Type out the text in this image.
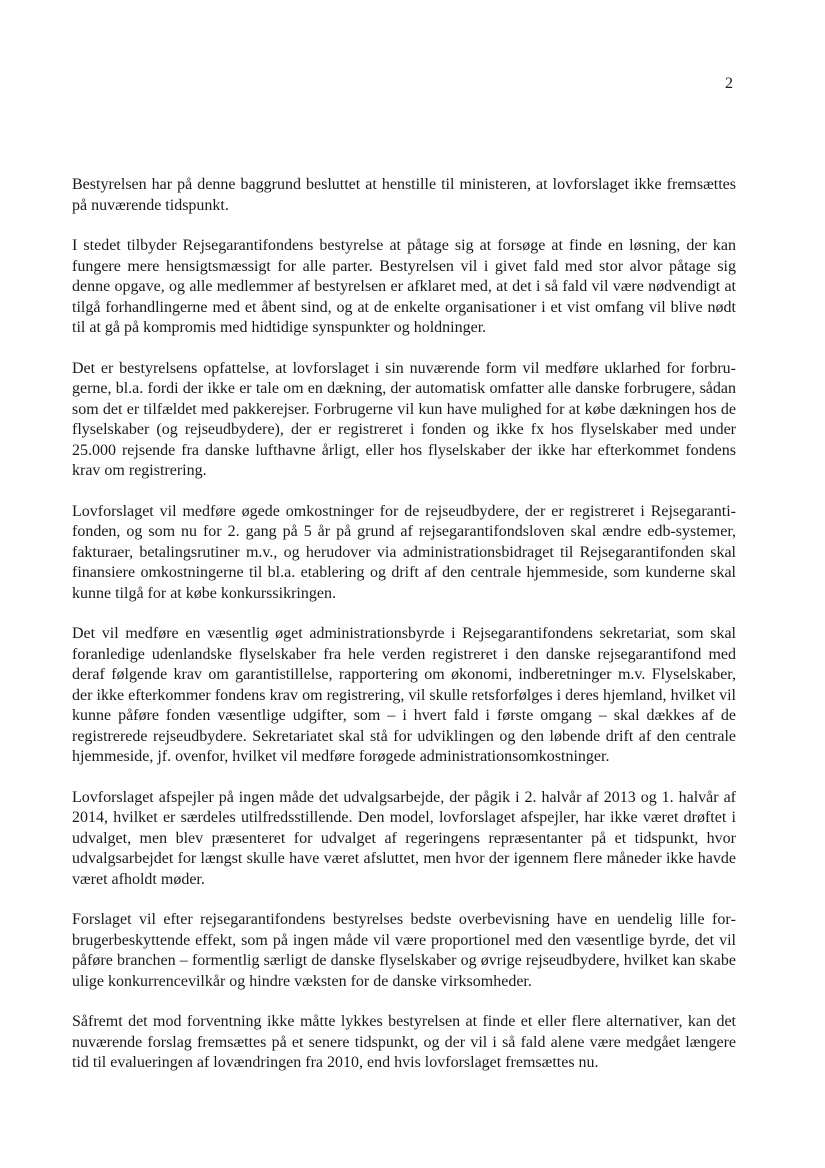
2

Bestyrelsen har på denne baggrund besluttet at henstille til ministeren, at lovforslaget ikke fremsættes på nuværende tidspunkt.

I stedet tilbyder Rejsegarantifondens bestyrelse at påtage sig at forsøge at finde en løsning, der kan fungere mere hensigtsmæssigt for alle parter. Bestyrelsen vil i givet fald med stor alvor påtage sig denne opgave, og alle medlemmer af bestyrelsen er afklaret med, at det i så fald vil være nødvendigt at tilgå forhandlingerne med et åbent sind, og at de enkelte organisationer i et vist omfang vil blive nødt til at gå på kompromis med hidtidige synspunkter og holdninger.

Det er bestyrelsens opfattelse, at lovforslaget i sin nuværende form vil medføre uklarhed for forbrugerne, bl.a. fordi der ikke er tale om en dækning, der automatisk omfatter alle danske forbrugere, sådan som det er tilfældet med pakkerejser. Forbrugerne vil kun have mulighed for at købe dækningen hos de flyselskaber (og rejseudbydere), der er registreret i fonden og ikke fx hos flyselskaber med under 25.000 rejsende fra danske lufthavne årligt, eller hos flyselskaber der ikke har efterkommet fondens krav om registrering.

Lovforslaget vil medføre øgede omkostninger for de rejseudbydere, der er registreret i Rejsegarantifonden, og som nu for 2. gang på 5 år på grund af rejsegarantifondsloven skal ændre edb-systemer, fakturaer, betalingsrutiner m.v., og herudover via administrationsbidraget til Rejsegarantifonden skal finansiere omkostningerne til bl.a. etablering og drift af den centrale hjemmeside, som kunderne skal kunne tilgå for at købe konkurssikringen.

Det vil medføre en væsentlig øget administrationsbyrde i Rejsegarantifondens sekretariat, som skal foranledige udenlandske flyselskaber fra hele verden registreret i den danske rejsegarantifond med deraf følgende krav om garantistillelse, rapportering om økonomi, indberetninger m.v. Flyselskaber, der ikke efterkommer fondens krav om registrering, vil skulle retsforfølges i deres hjemland, hvilket vil kunne påføre fonden væsentlige udgifter, som – i hvert fald i første omgang – skal dækkes af de registrerede rejseudbydere. Sekretariatet skal stå for udviklingen og den løbende drift af den centrale hjemmeside, jf. ovenfor, hvilket vil medføre forøgede administrationsomkostninger.

Lovforslaget afspejler på ingen måde det udvalgsarbejde, der pågik i 2. halvår af 2013 og 1. halvår af 2014, hvilket er særdeles utilfredsstillende. Den model, lovforslaget afspejler, har ikke været drøftet i udvalget, men blev præsenteret for udvalget af regeringens repræsentanter på et tidspunkt, hvor udvalgsarbejdet for længst skulle have været afsluttet, men hvor der igennem flere måneder ikke havde været afholdt møder.

Forslaget vil efter rejsegarantifondens bestyrelses bedste overbevisning have en uendelig lille forbrugerbeskyttende effekt, som på ingen måde vil være proportionel med den væsentlige byrde, det vil påføre branchen – formentlig særligt de danske flyselskaber og øvrige rejseudbydere, hvilket kan skabe ulige konkurrencevilkår og hindre væksten for de danske virksomheder.

Såfremt det mod forventning ikke måtte lykkes bestyrelsen at finde et eller flere alternativer, kan det nuværende forslag fremsættes på et senere tidspunkt, og der vil i så fald alene være medgået længere tid til evalueringen af lovændringen fra 2010, end hvis lovforslaget fremsættes nu.
